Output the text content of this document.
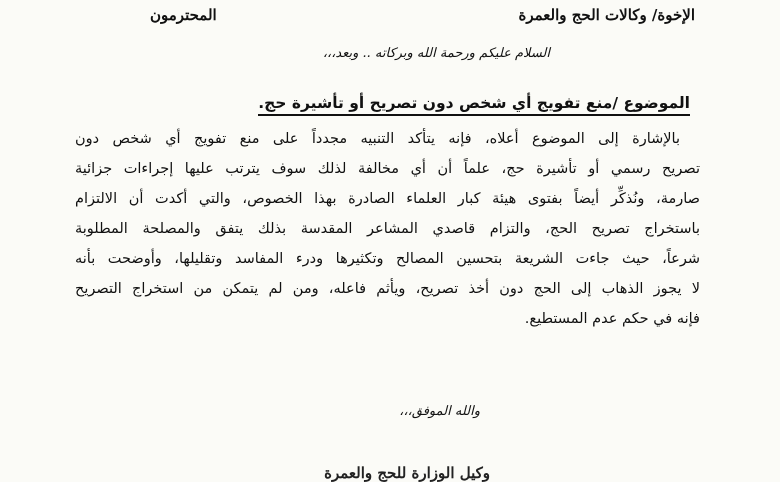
الإخوة/ وكالات الحج والعمرة
المحترمون
السلام عليكم ورحمة الله وبركاته .. وبعد،،،
الموضوع /منع تفويج أي شخص دون تصريح أو تأشيرة حج.
بالإشارة إلى الموضوع أعلاه، فإنه يتأكد التنبيه مجدداً على منع تفويج أي شخص دون
تصريح رسمي أو تأشيرة حج، علماً أن أي مخالفة لذلك سوف يترتب عليها إجراءات جزائية
صارمة، ونُذكِّر أيضاً بفتوى هيئة كبار العلماء الصادرة بهذا الخصوص، والتي أكدت أن الالتزام
باستخراج تصريح الحج، والتزام قاصدي المشاعر المقدسة بذلك يتفق والمصلحة المطلوبة
شرعاً، حيث جاءت الشريعة بتحسين المصالح وتكثيرها ودرء المفاسد وتقليلها، وأوضحت بأنه
لا يجوز الذهاب إلى الحج دون أخذ تصريح، ويأثم فاعله، ومن لم يتمكن من استخراج التصريح
فإنه في حكم عدم المستطيع.
والله الموفق،،،
وكيل الوزارة للحج والعمرة
